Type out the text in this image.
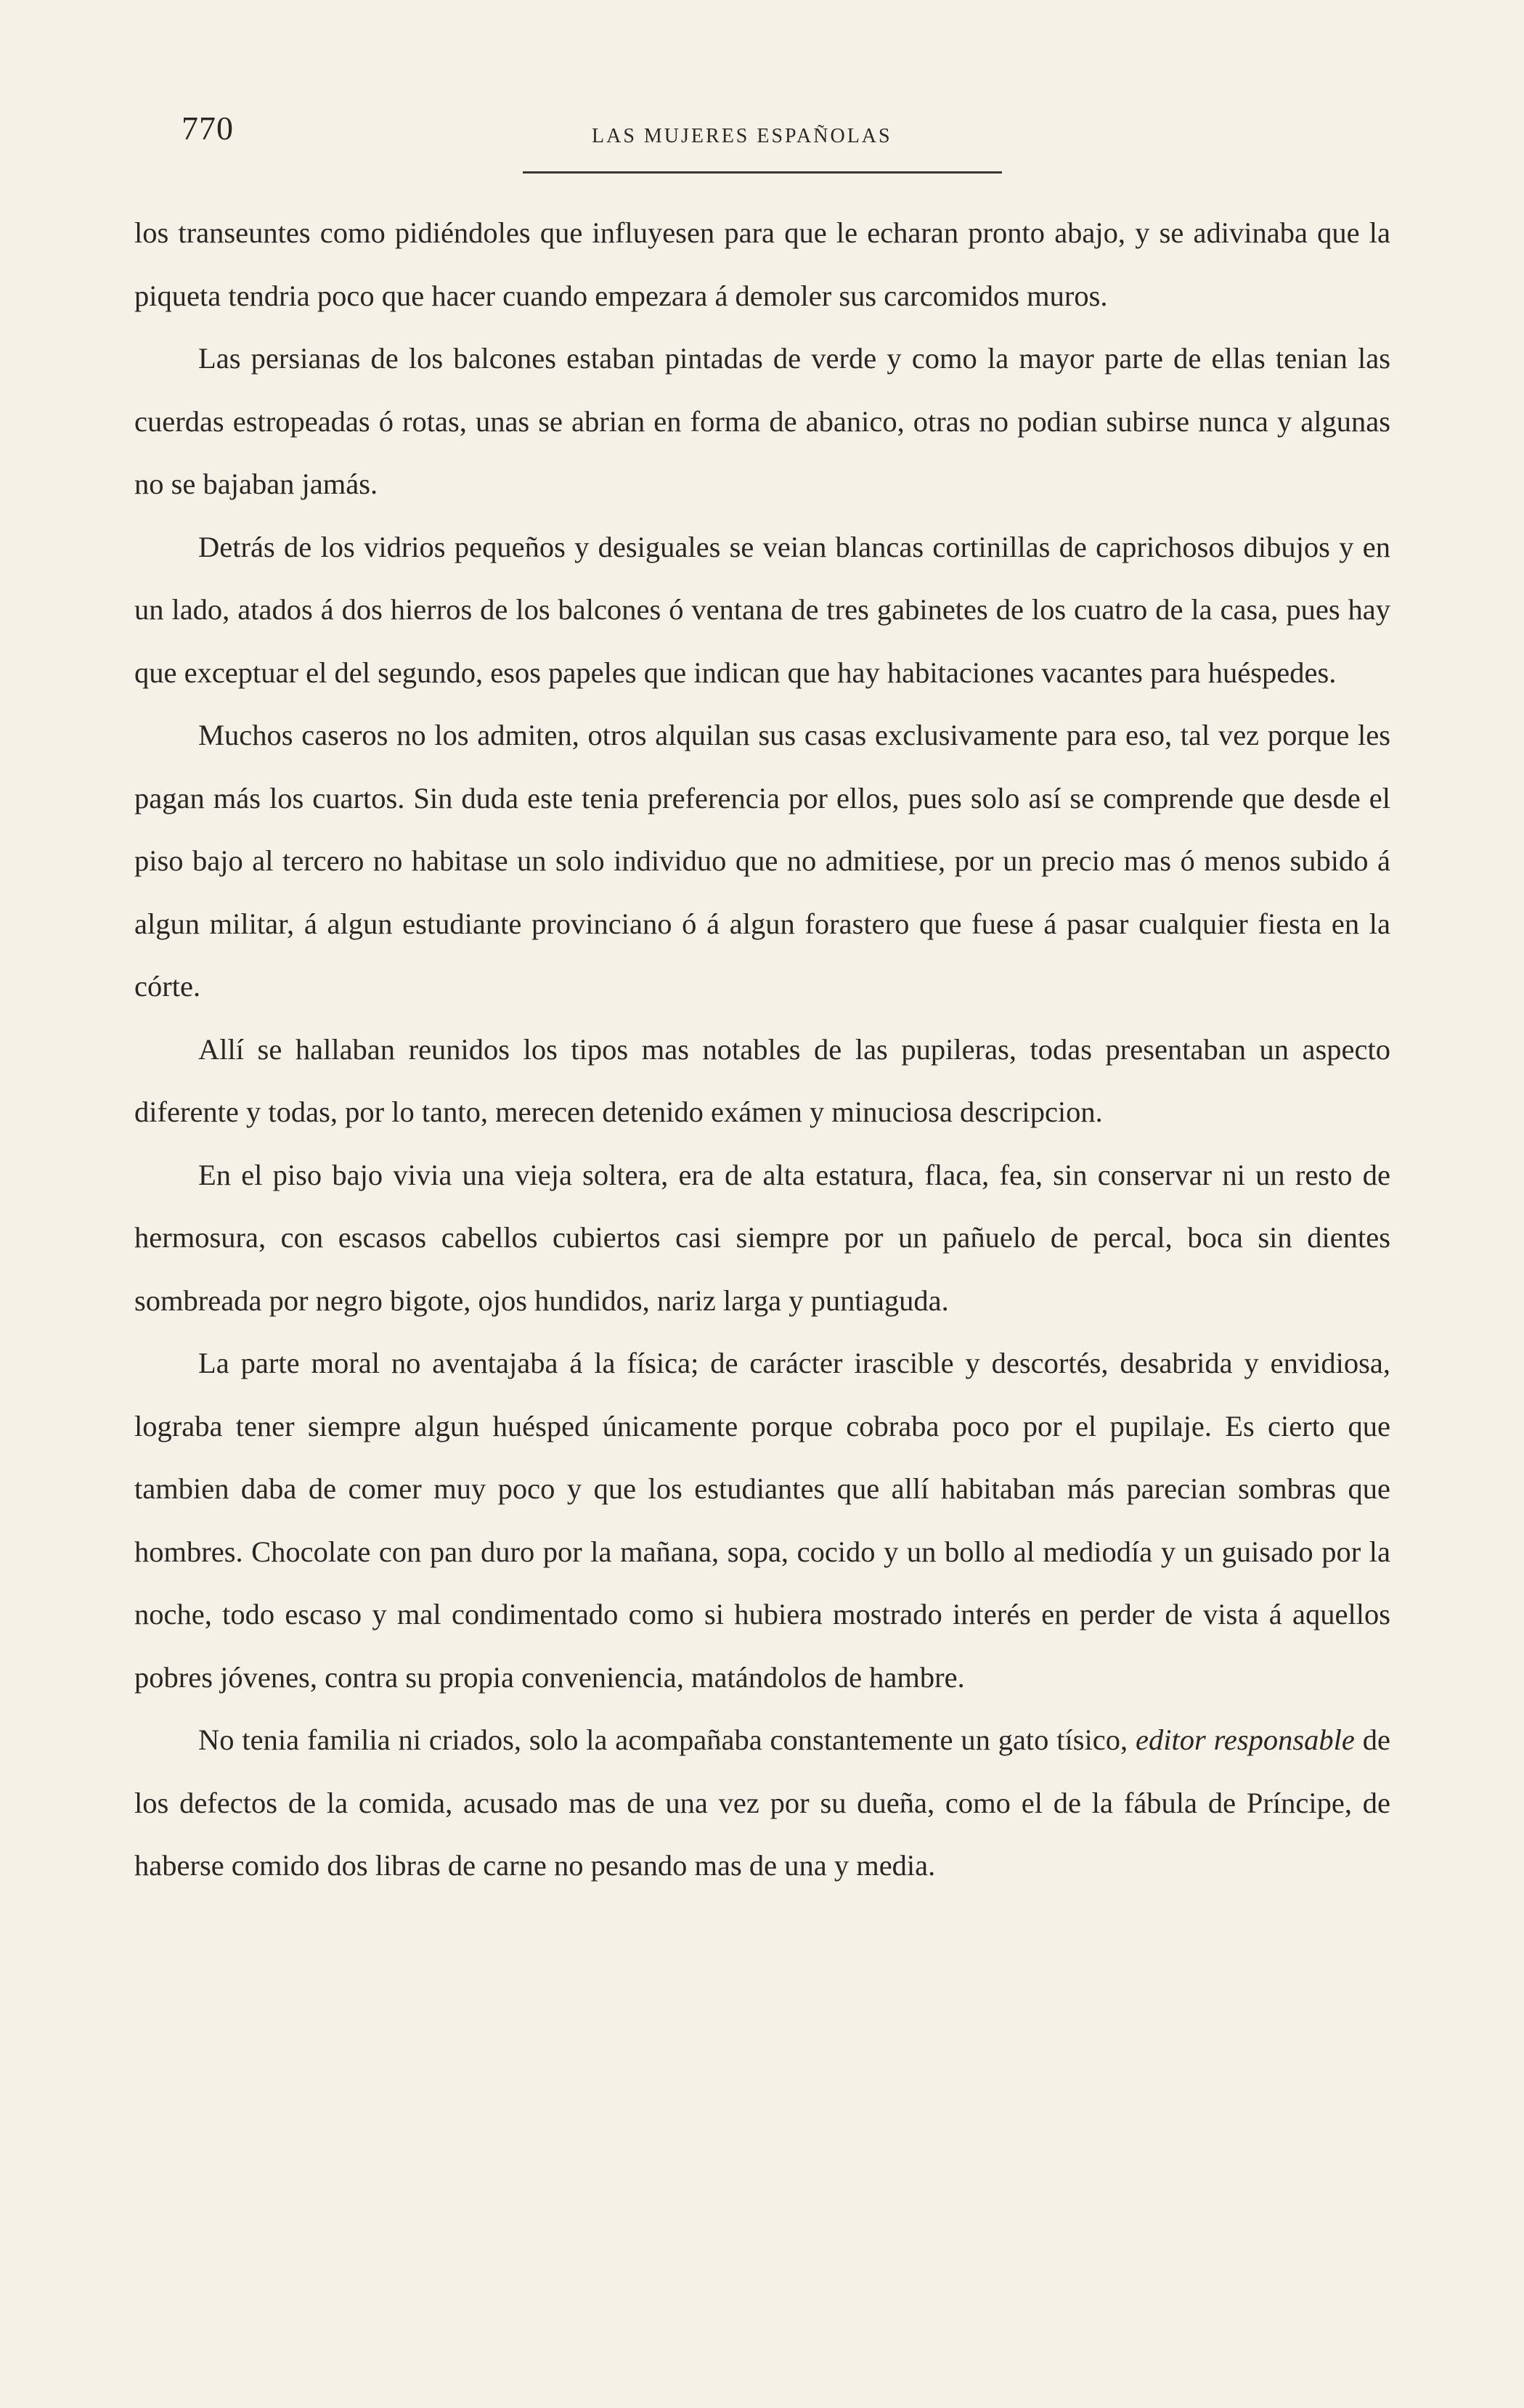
770	LAS MUJERES ESPAÑOLAS

los transeuntes como pidiéndoles que influyesen para que le echaran pronto abajo, y se adivinaba que la piqueta tendria poco que hacer cuando empezara á demoler sus carcomidos muros.

Las persianas de los balcones estaban pintadas de verde y como la mayor parte de ellas tenian las cuerdas estropeadas ó rotas, unas se abrian en forma de abanico, otras no podian subirse nunca y algunas no se bajaban jamás.

Detrás de los vidrios pequeños y desiguales se veian blancas cortinillas de caprichosos dibujos y en un lado, atados á dos hierros de los balcones ó ventana de tres gabinetes de los cuatro de la casa, pues hay que exceptuar el del segundo, esos papeles que indican que hay habitaciones vacantes para huéspedes.

Muchos caseros no los admiten, otros alquilan sus casas exclusivamente para eso, tal vez porque les pagan más los cuartos. Sin duda este tenia preferencia por ellos, pues solo así se comprende que desde el piso bajo al tercero no habitase un solo individuo que no admitiese, por un precio mas ó menos subido á algun militar, á algun estudiante provinciano ó á algun forastero que fuese á pasar cualquier fiesta en la córte.

Allí se hallaban reunidos los tipos mas notables de las pupileras, todas presentaban un aspecto diferente y todas, por lo tanto, merecen detenido exámen y minuciosa descripcion.

En el piso bajo vivia una vieja soltera, era de alta estatura, flaca, fea, sin conservar ni un resto de hermosura, con escasos cabellos cubiertos casi siempre por un pañuelo de percal, boca sin dientes sombreada por negro bigote, ojos hundidos, nariz larga y puntiaguda.

La parte moral no aventajaba á la física; de carácter irascible y descortés, desabrida y envidiosa, lograba tener siempre algun huésped únicamente porque cobraba poco por el pupilaje. Es cierto que tambien daba de comer muy poco y que los estudiantes que allí habitaban más parecian sombras que hombres. Chocolate con pan duro por la mañana, sopa, cocido y un bollo al mediodía y un guisado por la noche, todo escaso y mal condimentado como si hubiera mostrado interés en perder de vista á aquellos pobres jóvenes, contra su propia conveniencia, matándolos de hambre.

No tenia familia ni criados, solo la acompañaba constantemente un gato tísico, editor responsable de los defectos de la comida, acusado mas de una vez por su dueña, como el de la fábula de Príncipe, de haberse comido dos libras de carne no pesando mas de una y media.
